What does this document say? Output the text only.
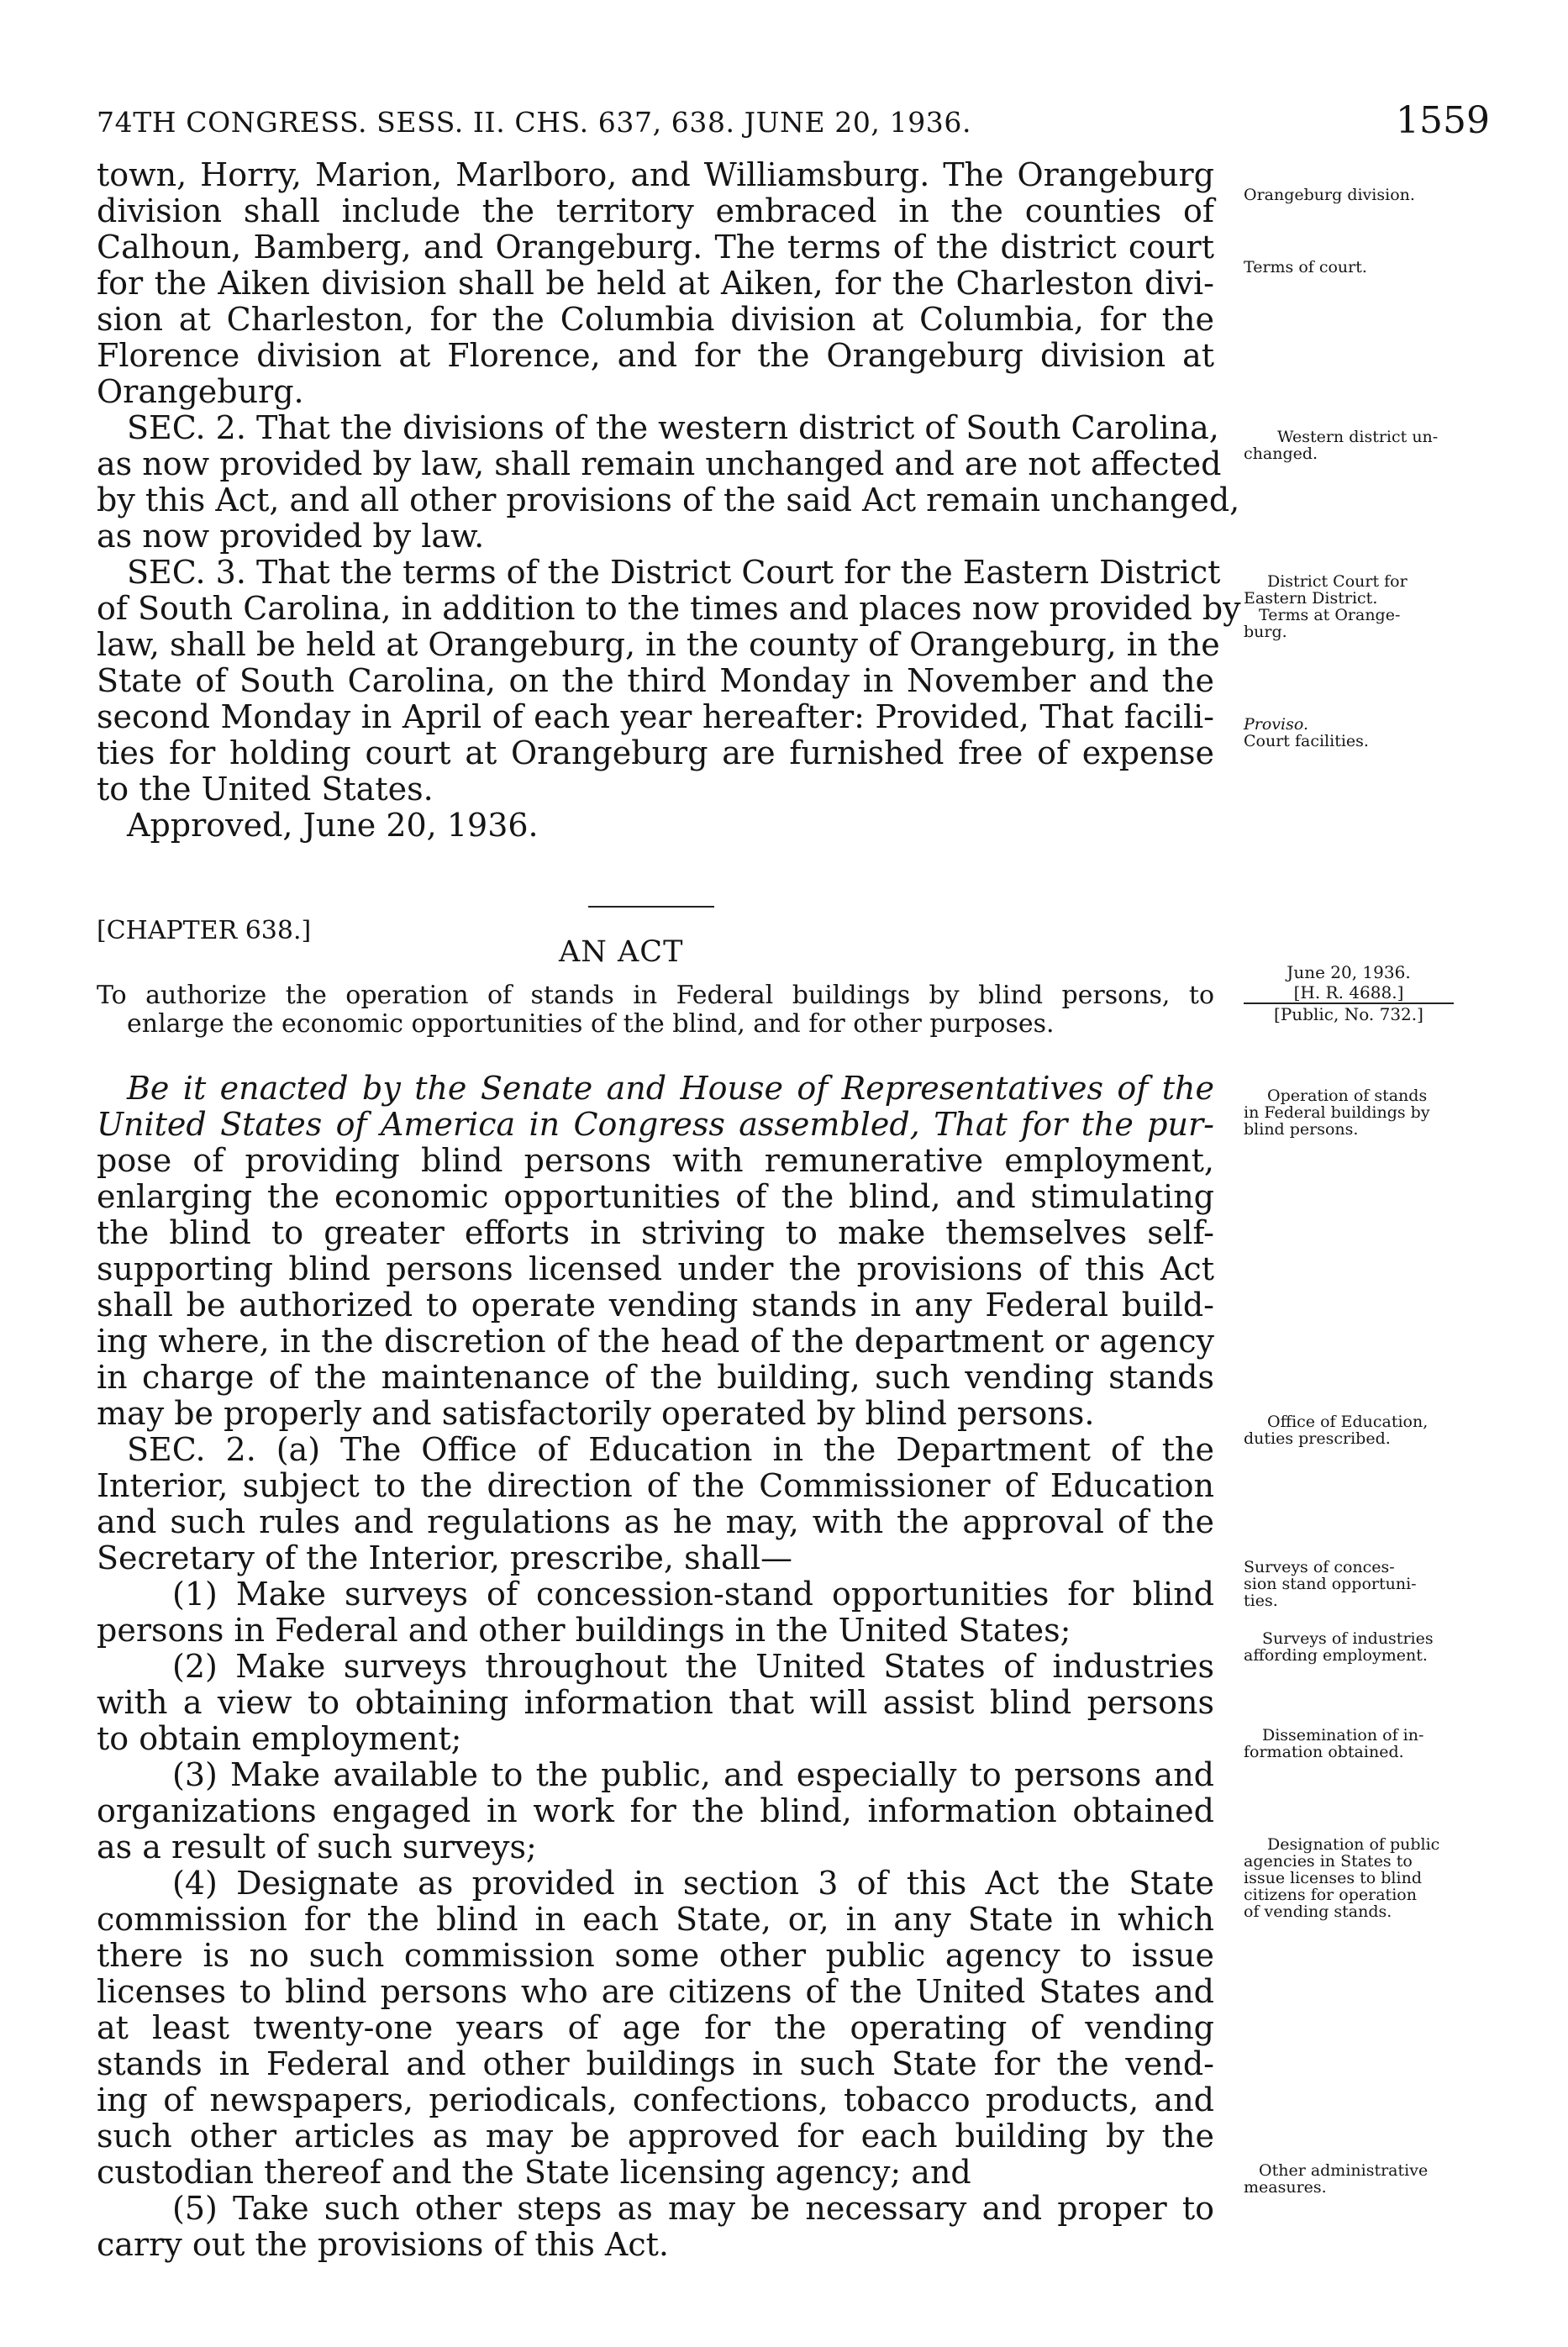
74TH CONGRESS. SESS. II. CHS. 637, 638. JUNE 20, 1936.	1559
town, Horry, Marion, Marlboro, and Williamsburg. The Orangeburg
division shall include the territory embraced in the counties of
Calhoun, Bamberg, and Orangeburg. The terms of the district court
for the Aiken division shall be held at Aiken, for the Charleston divi-
sion at Charleston, for the Columbia division at Columbia, for the
Florence division at Florence, and for the Orangeburg division at
Orangeburg.
SEC. 2. That the divisions of the western district of South Carolina,
as now provided by law, shall remain unchanged and are not affected
by this Act, and all other provisions of the said Act remain unchanged,
as now provided by law.
SEC. 3. That the terms of the District Court for the Eastern District
of South Carolina, in addition to the times and places now provided by
law, shall be held at Orangeburg, in the county of Orangeburg, in the
State of South Carolina, on the third Monday in November and the
second Monday in April of each year hereafter: Provided, That facili-
ties for holding court at Orangeburg are furnished free of expense
to the United States.
Approved, June 20, 1936.
[CHAPTER 638.]
AN ACT
To authorize the operation of stands in Federal buildings by blind persons, to
enlarge the economic opportunities of the blind, and for other purposes.
June 20, 1936.
[H. R. 4688.]
[Public, No. 732.]
Be it enacted by the Senate and House of Representatives of the
United States of America in Congress assembled, That for the pur-
pose of providing blind persons with remunerative employment,
enlarging the economic opportunities of the blind, and stimulating
the blind to greater efforts in striving to make themselves self-
supporting blind persons licensed under the provisions of this Act
shall be authorized to operate vending stands in any Federal build-
ing where, in the discretion of the head of the department or agency
in charge of the maintenance of the building, such vending stands
may be properly and satisfactorily operated by blind persons.
SEC. 2. (a) The Office of Education in the Department of the
Interior, subject to the direction of the Commissioner of Education
and such rules and regulations as he may, with the approval of the
Secretary of the Interior, prescribe, shall—
(1) Make surveys of concession-stand opportunities for blind
persons in Federal and other buildings in the United States;
(2) Make surveys throughout the United States of industries
with a view to obtaining information that will assist blind persons
to obtain employment;
(3) Make available to the public, and especially to persons and
organizations engaged in work for the blind, information obtained
as a result of such surveys;
(4) Designate as provided in section 3 of this Act the State
commission for the blind in each State, or, in any State in which
there is no such commission some other public agency to issue
licenses to blind persons who are citizens of the United States and
at least twenty-one years of age for the operating of vending
stands in Federal and other buildings in such State for the vend-
ing of newspapers, periodicals, confections, tobacco products, and
such other articles as may be approved for each building by the
custodian thereof and the State licensing agency; and
(5) Take such other steps as may be necessary and proper to
carry out the provisions of this Act.
Orangeburg division.
Terms of court.
Western district un-
changed.
District Court for
Eastern District.
Terms at Orange-
burg.
Proviso.
Court facilities.
Operation of stands
in Federal buildings by
blind persons.
Office of Education,
duties prescribed.
Surveys of conces-
sion stand opportuni-
ties.
Surveys of industries
affording employment.
Dissemination of in-
formation obtained.
Designation of public
agencies in States to
issue licenses to blind
citizens for operation
of vending stands.
Other administrative
measures.
